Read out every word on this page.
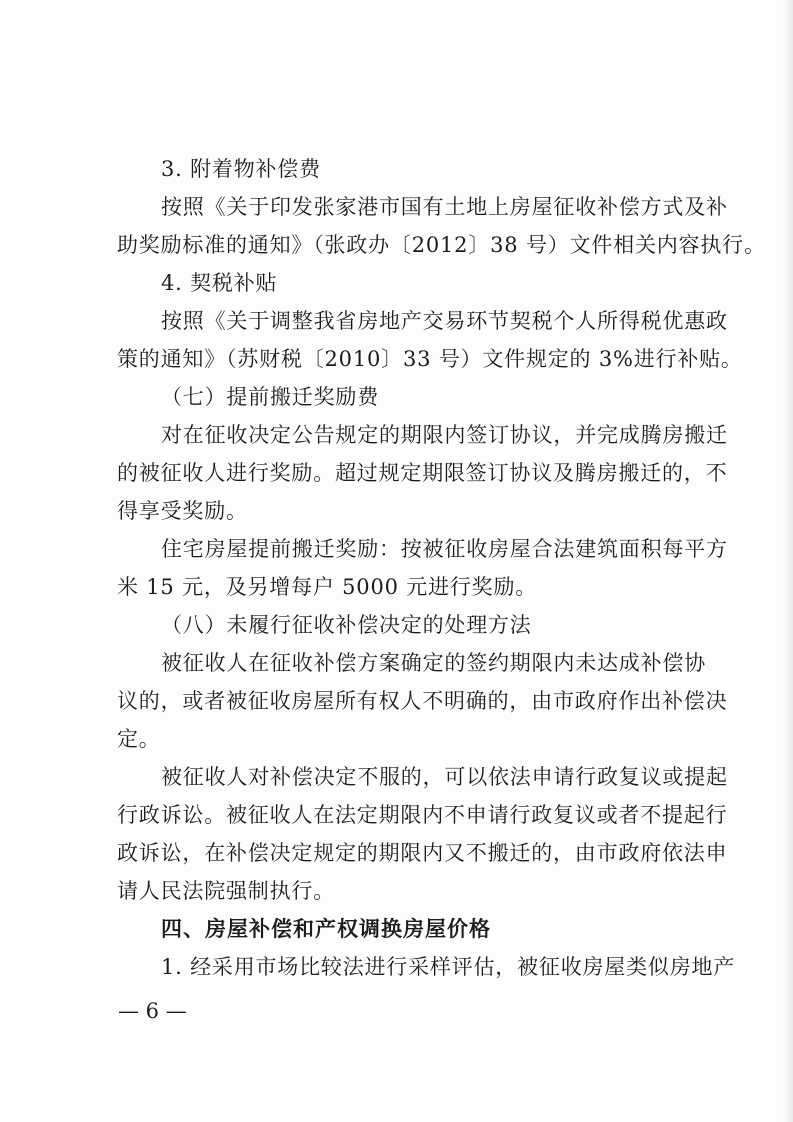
3. 附着物补偿费
按照《关于印发张家港市国有土地上房屋征收补偿方式及补
助奖励标准的通知》（张政办〔2012〕38 号）文件相关内容执行。
4. 契税补贴
按照《关于调整我省房地产交易环节契税个人所得税优惠政
策的通知》（苏财税〔2010〕33 号）文件规定的 3%进行补贴。
（七）提前搬迁奖励费
对在征收决定公告规定的期限内签订协议，并完成腾房搬迁
的被征收人进行奖励。超过规定期限签订协议及腾房搬迁的，不
得享受奖励。
住宅房屋提前搬迁奖励：按被征收房屋合法建筑面积每平方
米 15 元，及另增每户 5000 元进行奖励。
（八）未履行征收补偿决定的处理方法
被征收人在征收补偿方案确定的签约期限内未达成补偿协
议的，或者被征收房屋所有权人不明确的，由市政府作出补偿决
定。
被征收人对补偿决定不服的，可以依法申请行政复议或提起
行政诉讼。被征收人在法定期限内不申请行政复议或者不提起行
政诉讼，在补偿决定规定的期限内又不搬迁的，由市政府依法申
请人民法院强制执行。
四、房屋补偿和产权调换房屋价格
1. 经采用市场比较法进行采样评估，被征收房屋类似房地产
— 6 —
